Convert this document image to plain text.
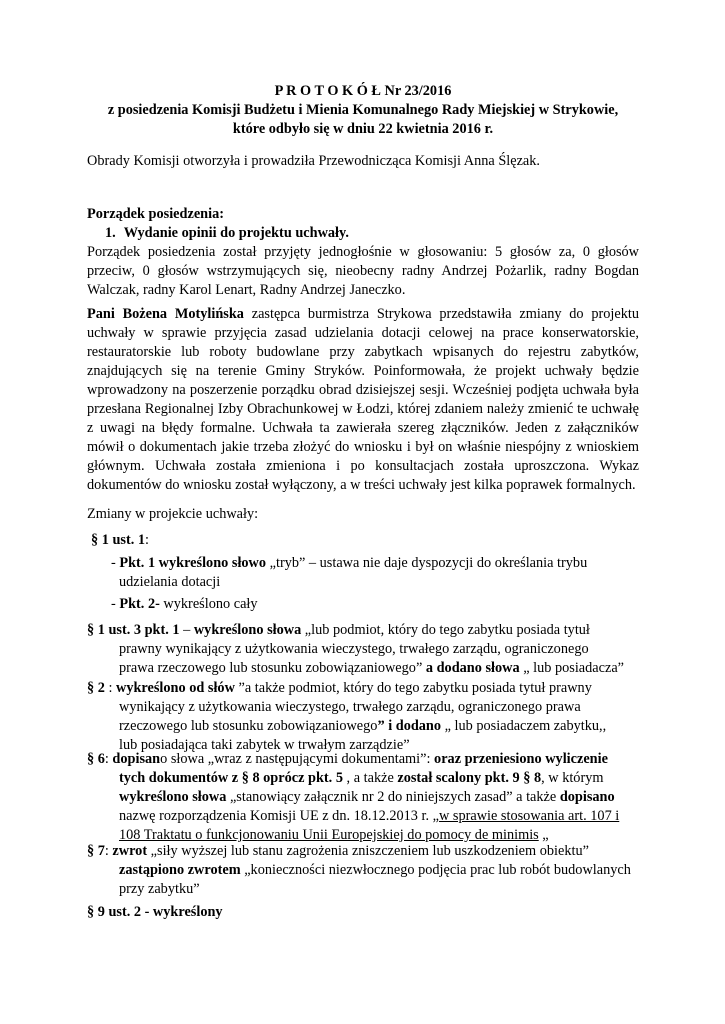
P R O T O K Ó Ł Nr 23/2016
z posiedzenia Komisji Budżetu i Mienia Komunalnego Rady Miejskiej w Strykowie,
które odbyło się w dniu 22 kwietnia 2016 r.
Obrady Komisji otworzyła i prowadziła Przewodnicząca Komisji Anna Ślęzak.
Porządek posiedzenia:
1. Wydanie opinii do projektu uchwały.
Porządek posiedzenia został przyjęty jednogłośnie w głosowaniu: 5 głosów za, 0 głosów przeciw, 0 głosów wstrzymujących się, nieobecny radny Andrzej Pożarlik, radny Bogdan Walczak, radny Karol Lenart, Radny Andrzej Janeczko.
Pani Bożena Motylińska zastępca burmistrza Strykowa przedstawiła zmiany do projektu uchwały w sprawie przyjęcia zasad udzielania dotacji celowej na prace konserwatorskie, restauratorskie lub roboty budowlane przy zabytkach wpisanych do rejestru zabytków, znajdujących się na terenie Gminy Stryków. Poinformowała, że projekt uchwały będzie wprowadzony na poszerzenie porządku obrad dzisiejszej sesji. Wcześniej podjęta uchwała była przesłana Regionalnej Izby Obrachunkowej w Łodzi, której zdaniem należy zmienić te uchwałę z uwagi na błędy formalne. Uchwała ta zawierała szereg złączników. Jeden z załączników mówił o dokumentach jakie trzeba złożyć do wniosku i był on właśnie niespójny z wnioskiem głównym. Uchwała została zmieniona i po konsultacjach została uproszczona. Wykaz dokumentów do wniosku został wyłączony, a w treści uchwały jest kilka poprawek formalnych.
Zmiany w projekcie uchwały:
§ 1 ust. 1:
- Pkt. 1 wykreślono słowo „tryb” – ustawa nie daje dyspozycji do określania trybu
udzielania dotacji
- Pkt. 2- wykreślono cały
§ 1 ust. 3 pkt. 1 – wykreślono słowa „lub podmiot, który do tego zabytku posiada tytuł
prawny wynikający z użytkowania wieczystego, trwałego zarządu, ograniczonego
prawa rzeczowego lub stosunku zobowiązaniowego” a dodano słowa „ lub posiadacza”
§ 2 : wykreślono od słów ”a także podmiot, który do tego zabytku posiada tytuł prawny
wynikający z użytkowania wieczystego, trwałego zarządu, ograniczonego prawa
rzeczowego lub stosunku zobowiązaniowego” i dodano „ lub posiadaczem zabytku,,
lub posiadająca taki zabytek w trwałym zarządzie”
§ 6: dopisano słowa „wraz z następującymi dokumentami”: oraz przeniesiono wyliczenie
tych dokumentów z § 8 oprócz pkt. 5 , a także został scalony pkt. 9 § 8, w którym
wykreślono słowa „stanowiący załącznik nr 2 do niniejszych zasad” a także dopisano
nazwę rozporządzenia Komisji UE z dn. 18.12.2013 r. „w sprawie stosowania art. 107 i
108 Traktatu o funkcjonowaniu Unii Europejskiej do pomocy de minimis „
§ 7: zwrot „siły wyższej lub stanu zagrożenia zniszczeniem lub uszkodzeniem obiektu”
zastąpiono zwrotem „konieczności niezwłocznego podjęcia prac lub robót budowlanych
przy zabytku”
§ 9 ust. 2 - wykreślony
